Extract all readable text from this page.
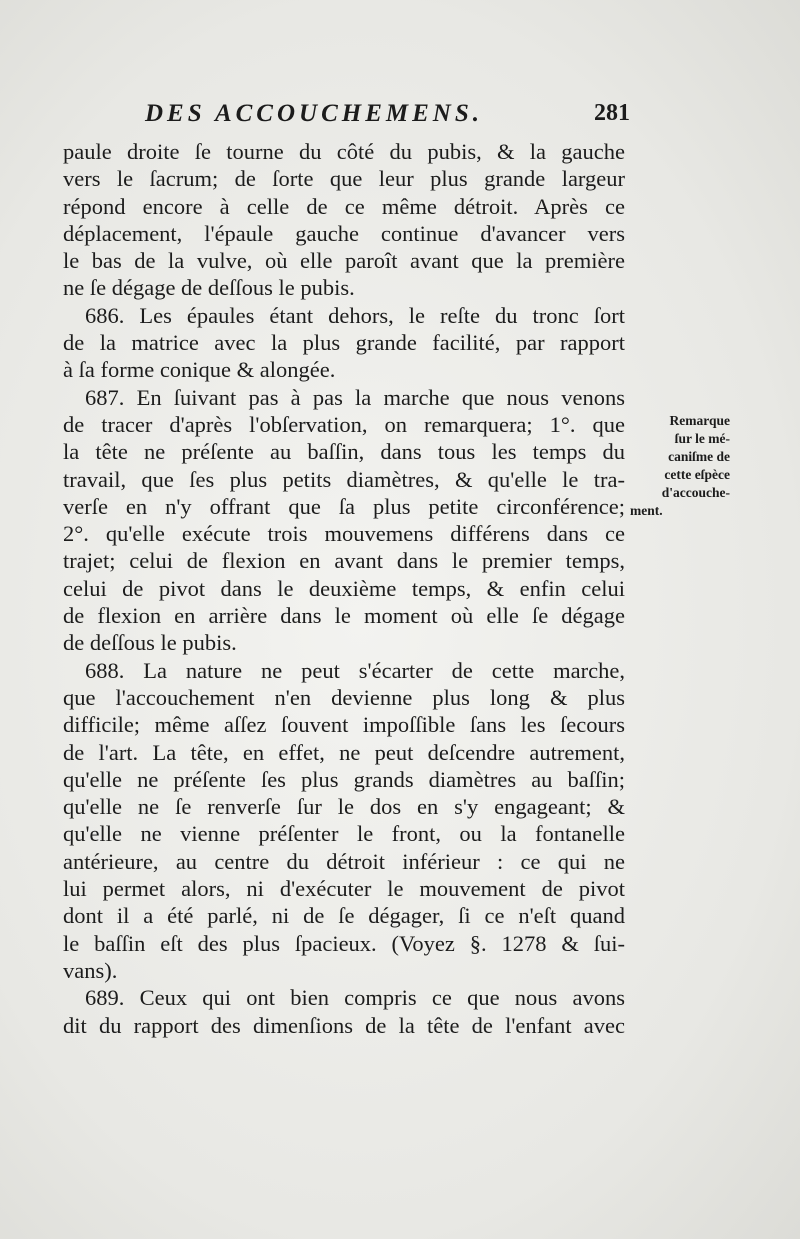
DES ACCOUCHEMENS.	281
paule droite ſe tourne du côté du pubis, & la gauche
vers le ſacrum; de ſorte que leur plus grande largeur
répond encore à celle de ce même détroit. Après ce
déplacement, l'épaule gauche continue d'avancer vers
le bas de la vulve, où elle paroît avant que la première
ne ſe dégage de deſſous le pubis.
686. Les épaules étant dehors, le reſte du tronc ſort
de la matrice avec la plus grande facilité, par rapport
à ſa forme conique & alongée.
687. En ſuivant pas à pas la marche que nous venons
de tracer d'après l'obſervation, on remarquera; 1°. que
la tête ne préſente au baſſin, dans tous les temps du
travail, que ſes plus petits diamètres, & qu'elle le tra-
verſe en n'y offrant que ſa plus petite circonférence;
2°. qu'elle exécute trois mouvemens différens dans ce
trajet; celui de flexion en avant dans le premier temps,
celui de pivot dans le deuxième temps, & enfin celui
de flexion en arrière dans le moment où elle ſe dégage
de deſſous le pubis.
688. La nature ne peut s'écarter de cette marche,
que l'accouchement n'en devienne plus long & plus
difficile; même aſſez ſouvent impoſſible ſans les ſecours
de l'art. La tête, en effet, ne peut deſcendre autrement,
qu'elle ne préſente ſes plus grands diamètres au baſſin;
qu'elle ne ſe renverſe ſur le dos en s'y engageant; &
qu'elle ne vienne préſenter le front, ou la fontanelle
antérieure, au centre du détroit inférieur : ce qui ne
lui permet alors, ni d'exécuter le mouvement de pivot
dont il a été parlé, ni de ſe dégager, ſi ce n'eſt quand
le baſſin eſt des plus ſpacieux. (Voyez §. 1278 & ſui-
vans).
689. Ceux qui ont bien compris ce que nous avons
dit du rapport des dimenſions de la tête de l'enfant avec
Remarque
ſur le mé-
caniſme de
cette eſpèce
d'accouche-
ment.
